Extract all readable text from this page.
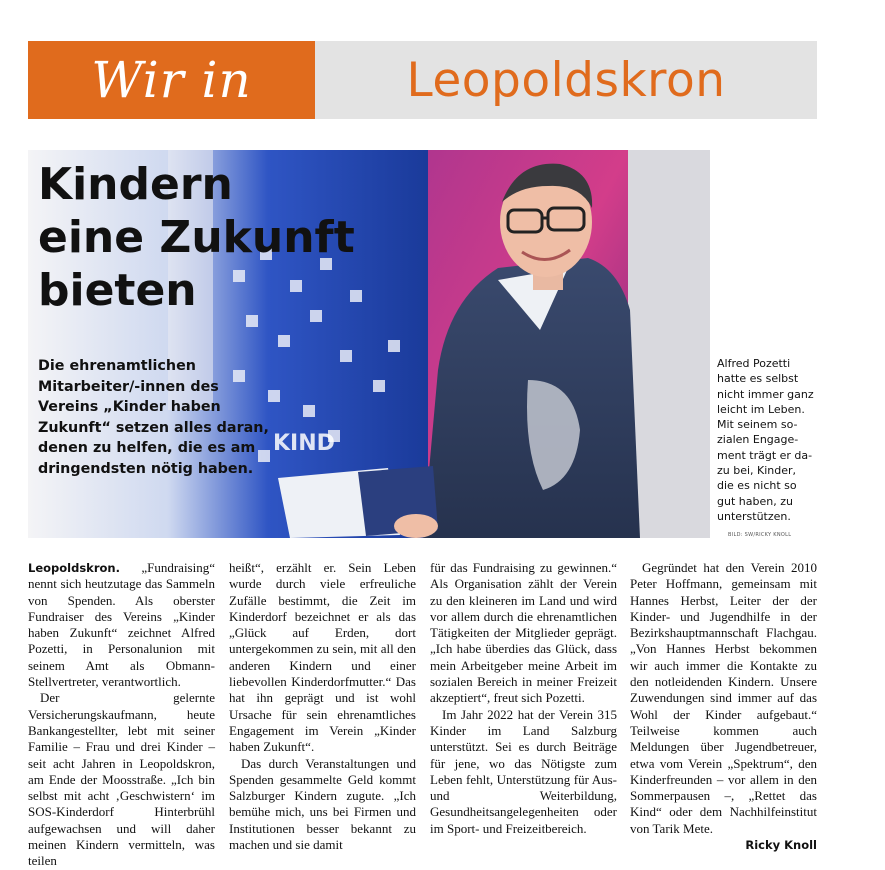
Wir in	Leopoldskron
KIND
Kindern
eine Zukunft
bieten

Die ehrenamtlichen
Mitarbeiter/-innen des
Vereins „Kinder haben
Zukunft“ setzen alles daran,
denen zu helfen, die es am
dringendsten nötig haben.

Alfred Pozetti
hatte es selbst
nicht immer ganz
leicht im Leben.
Mit seinem so-
zialen Engage-
ment trägt er da-
zu bei, Kinder,
die es nicht so
gut haben, zu
unterstützen.
BILD: SW/RICKY KNOLL

Leopoldskron. „Fundraising“ nennt sich heutzutage das Sammeln von Spenden. Als oberster Fundraiser des Vereins „Kinder haben Zukunft“ zeichnet Alfred Pozetti, in Personalunion mit seinem Amt als Obmann-Stellvertreter, verantwortlich.

Der gelernte Versicherungskaufmann, heute Bankangestellter, lebt mit seiner Familie – Frau und drei Kinder – seit acht Jahren in Leopoldskron, am Ende der Moosstraße. „Ich bin selbst mit acht ‚Geschwistern‘ im SOS-Kinderdorf Hinterbrühl aufgewachsen und will daher meinen Kindern vermitteln, was teilen

heißt“, erzählt er. Sein Leben wurde durch viele erfreuliche Zufälle bestimmt, die Zeit im Kinderdorf bezeichnet er als das „Glück auf Erden, dort untergekommen zu sein, mit all den anderen Kindern und einer liebevollen Kinderdorfmutter.“ Das hat ihn geprägt und ist wohl Ursache für sein ehrenamtliches Engagement im Verein „Kinder haben Zukunft“.

Das durch Veranstaltungen und Spenden gesammelte Geld kommt Salzburger Kindern zugute. „Ich bemühe mich, uns bei Firmen und Institutionen besser bekannt zu machen und sie damit

für das Fundraising zu gewinnen.“ Als Organisation zählt der Verein zu den kleineren im Land und wird vor allem durch die ehrenamtlichen Tätigkeiten der Mitglieder geprägt. „Ich habe überdies das Glück, dass mein Arbeitgeber meine Arbeit im sozialen Bereich in meiner Freizeit akzeptiert“, freut sich Pozetti.

Im Jahr 2022 hat der Verein 315 Kinder im Land Salzburg unterstützt. Sei es durch Beiträge für jene, wo das Nötigste zum Leben fehlt, Unterstützung für Aus- und Weiterbildung, Gesundheitsangelegenheiten oder im Sport- und Freizeitbereich.

Gegründet hat den Verein 2010 Peter Hoffmann, gemeinsam mit Hannes Herbst, Leiter der der Kinder- und Jugendhilfe in der Bezirkshauptmannschaft Flachgau. „Von Hannes Herbst bekommen wir auch immer die Kontakte zu den notleidenden Kindern. Unsere Zuwendungen sind immer auf das Wohl der Kinder aufgebaut.“ Teilweise kommen auch Meldungen über Jugendbetreuer, etwa vom Verein „Spektrum“, den Kinderfreunden – vor allem in den Sommerpausen –, „Rettet das Kind“ oder dem Nachhilfeinstitut von Tarik Mete.

Ricky Knoll
